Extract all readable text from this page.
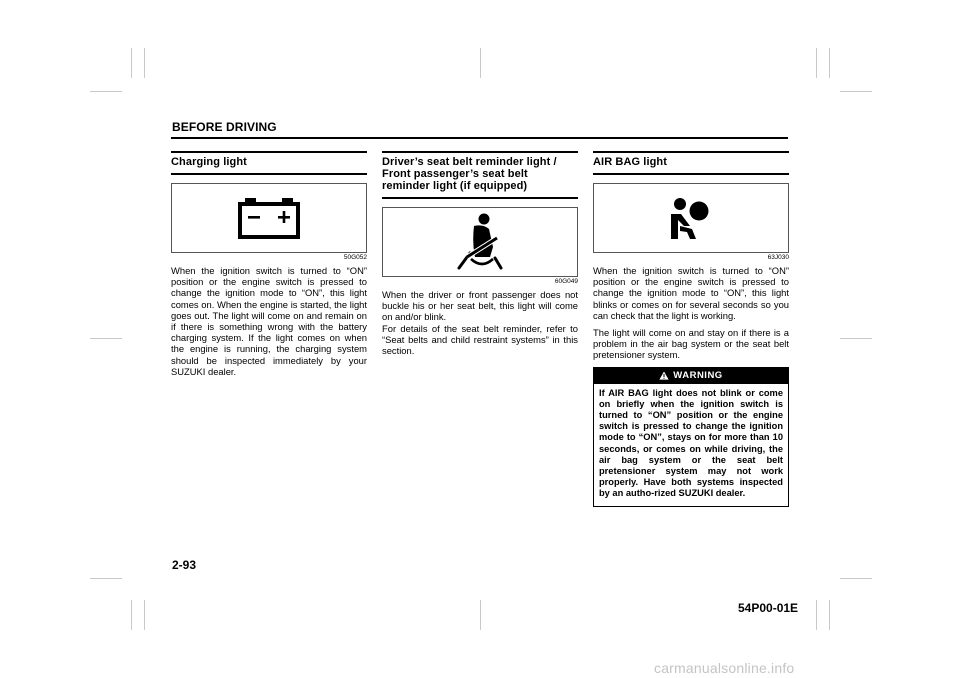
BEFORE DRIVING
Charging light
50G052

When the ignition switch is turned to “ON” position or the engine switch is pressed to change the ignition mode to “ON”, this light comes on. When the engine is started, the light goes out. The light will come on and remain on if there is something wrong with the battery charging system. If the light comes on when the engine is running, the charging system should be inspected immediately by your SUZUKI dealer.

Driver’s seat belt reminder light / Front passenger’s seat belt reminder light (if equipped)
60G049

When the driver or front passenger does not buckle his or her seat belt, this light will come on and/or blink.

For details of the seat belt reminder, refer to “Seat belts and child restraint systems” in this section.

AIR BAG light
63J030

When the ignition switch is turned to “ON” position or the engine switch is pressed to change the ignition mode to “ON”, this light blinks or comes on for several seconds so you can check that the light is working.

The light will come on and stay on if there is a problem in the air bag system or the seat belt pretensioner system.

WARNING
If AIR BAG light does not blink or come on briefly when the ignition switch is turned to “ON” position or the engine switch is pressed to change the ignition mode to “ON”, stays on for more than 10 seconds, or comes on while driving, the air bag system or the seat belt pretensioner system may not work properly. Have both systems inspected by an autho-rized SUZUKI dealer.
2-93
54P00-01E
carmanualsonline.info
